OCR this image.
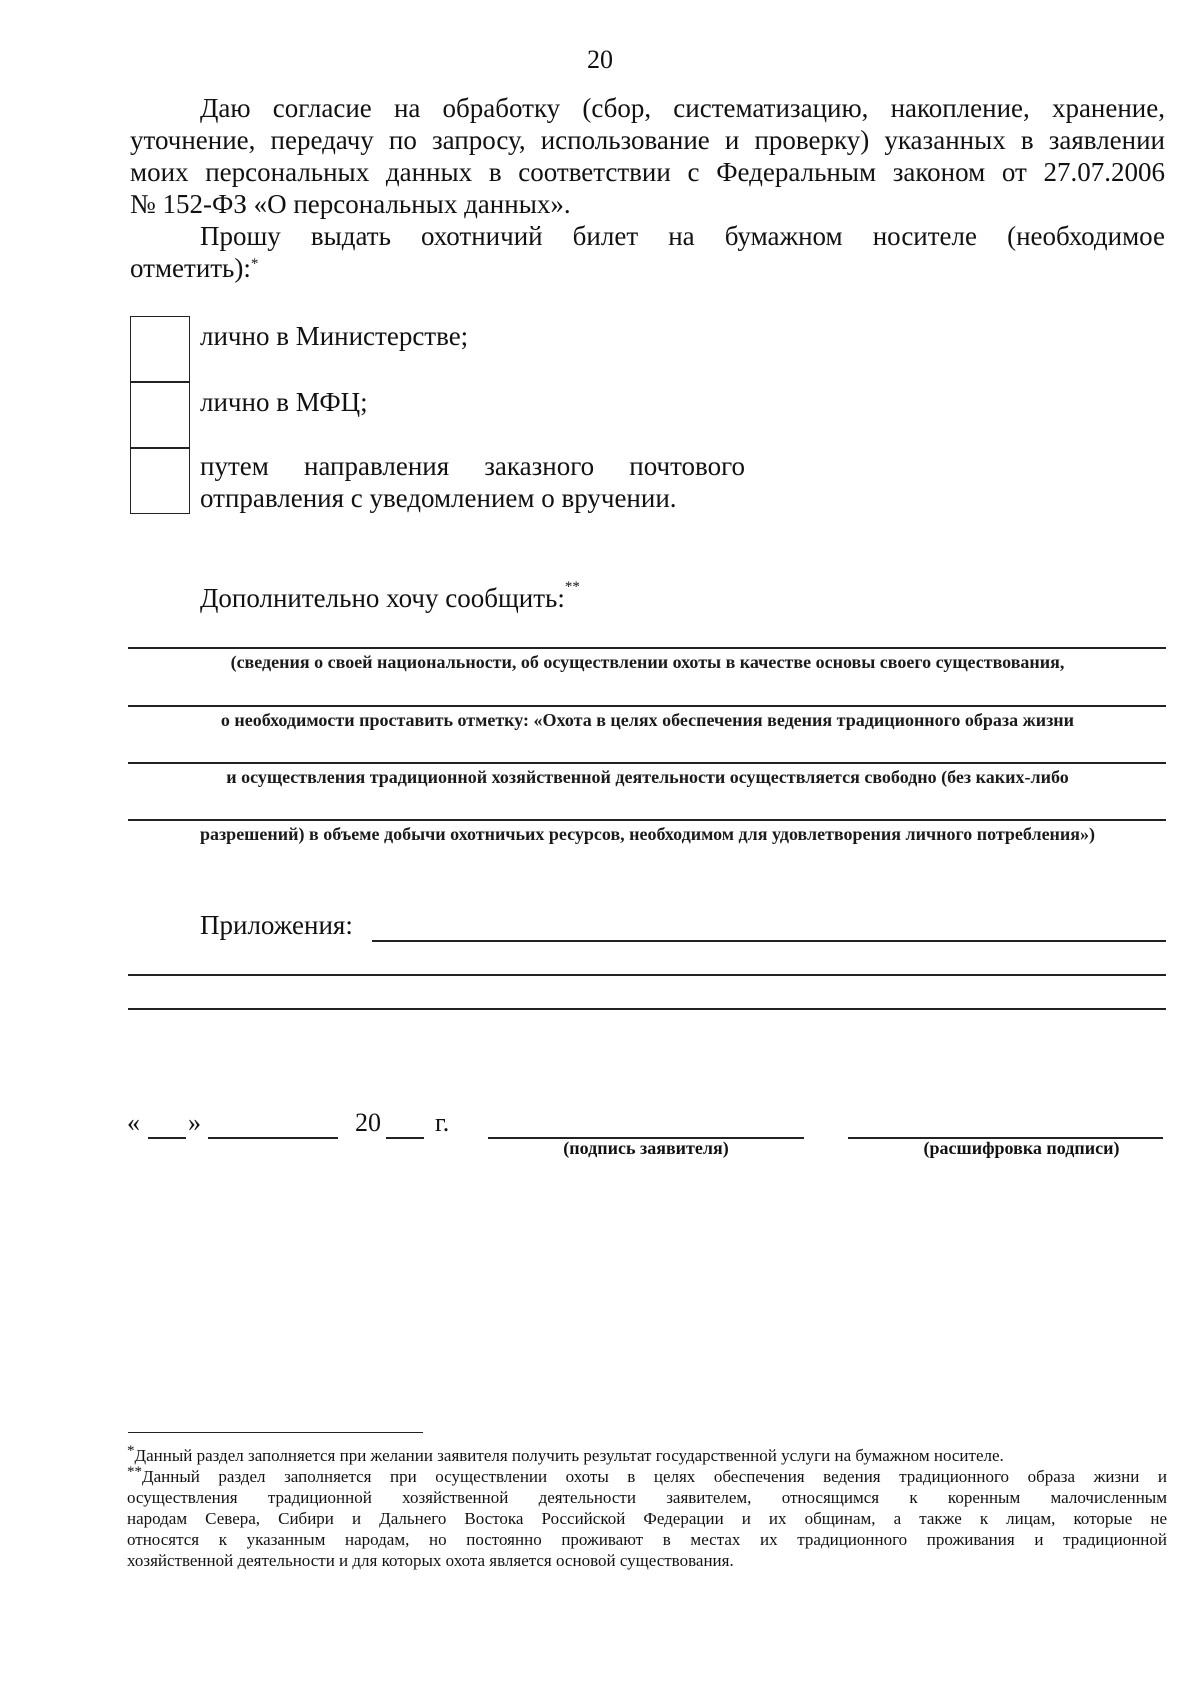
20
Даю согласие на обработку (сбор, систематизацию, накопление, хранение,
уточнение, передачу по запросу, использование и проверку) указанных в заявлении
моих персональных данных в соответствии с Федеральным законом от 27.07.2006
№ 152-ФЗ «О персональных данных».
Прошу выдать охотничий билет на бумажном носителе (необходимое
отметить):*
лично в Министерстве;
лично в МФЦ;
путем направления заказного почтового
отправления с уведомлением о вручении.
Дополнительно хочу сообщить:**
(сведения о своей национальности, об осуществлении охоты в качестве основы своего существования,
о необходимости проставить отметку: «Охота в целях обеспечения ведения традиционного образа жизни
и осуществления традиционной хозяйственной деятельности осуществляется свободно (без каких-либо
разрешений) в объеме добычи охотничьих ресурсов, необходимом для удовлетворения личного потребления»)
Приложения:
« »	20 г.
(подпись заявителя)	(расшифровка подписи)
*Данный раздел заполняется при желании заявителя получить результат государственной услуги на бумажном носителе.
**Данный раздел заполняется при осуществлении охоты в целях обеспечения ведения традиционного образа жизни и
осуществления традиционной хозяйственной деятельности заявителем, относящимся к коренным малочисленным
народам Севера, Сибири и Дальнего Востока Российской Федерации и их общинам, а также к лицам, которые не
относятся к указанным народам, но постоянно проживают в местах их традиционного проживания и традиционной
хозяйственной деятельности и для которых охота является основой существования.
